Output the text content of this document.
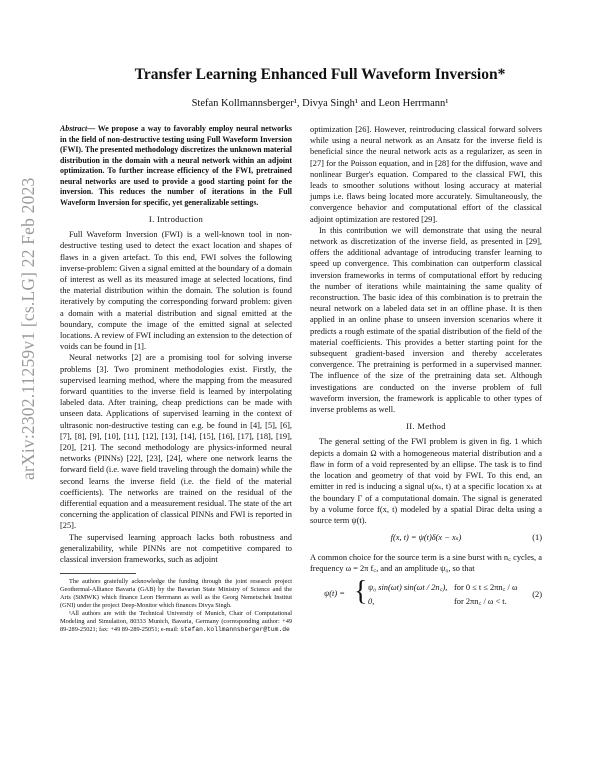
arXiv:2302.11259v1 [cs.LG] 22 Feb 2023
Transfer Learning Enhanced Full Waveform Inversion*
Stefan Kollmannsberger¹, Divya Singh¹ and Leon Herrmann¹

Abstract— We propose a way to favorably employ neural networks in the field of non-destructive testing using Full Waveform Inversion (FWI). The presented methodology discretizes the unknown material distribution in the domain with a neural network within an adjoint optimization. To further increase efficiency of the FWI, pretrained neural networks are used to provide a good starting point for the inversion. This reduces the number of iterations in the Full Waveform Inversion for specific, yet generalizable settings.

I. Introduction

Full Waveform Inversion (FWI) is a well-known tool in non-destructive testing used to detect the exact location and shapes of flaws in a given artefact. To this end, FWI solves the following inverse-problem: Given a signal emitted at the boundary of a domain of interest as well as its measured image at selected locations, find the material distribution within the domain. The solution is found iteratively by computing the corresponding forward problem: given a domain with a material distribution and signal emitted at the boundary, compute the image of the emitted signal at selected locations. A review of FWI including an extension to the detection of voids can be found in [1].

Neural networks [2] are a promising tool for solving inverse problems [3]. Two prominent methodologies exist. Firstly, the supervised learning method, where the mapping from the measured forward quantities to the inverse field is learned by interpolating labeled data. After training, cheap predictions can be made with unseen data. Applications of supervised learning in the context of ultrasonic non-destructive testing can e.g. be found in [4], [5], [6], [7], [8], [9], [10], [11], [12], [13], [14], [15], [16], [17], [18], [19], [20], [21]. The second methodology are physics-informed neural networks (PINNs) [22], [23], [24], where one network learns the forward field (i.e. wave field traveling through the domain) while the second learns the inverse field (i.e. the field of the material coefficients). The networks are trained on the residual of the differential equation and a measurement residual. The state of the art concerning the application of classical PINNs and FWI is reported in [25].

The supervised learning approach lacks both robustness and generalizability, while PINNs are not competitive compared to classical inversion frameworks, such as adjoint

The authors gratefully acknowledge the funding through the joint research project Geothermal-Alliance Bavaria (GAB) by the Bavarian State Ministry of Science and the Arts (StMWK) which finance Leon Herrmann as well as the Georg Nemetschek Institut (GNI) under the project Deep-Monitor which finances Divya Singh.

¹All authors are with the Technical University of Munich, Chair of Computational Modeling and Simulation, 80333 Munich, Bavaria, Germany (corresponding author: +49 89-289-25021; fax: +49 89-289-25051; e-mail: stefan.kollmannsberger@tum.de

optimization [26]. However, reintroducing classical forward solvers while using a neural network as an Ansatz for the inverse field is beneficial since the neural network acts as a regularizer, as seen in [27] for the Poisson equation, and in [28] for the diffusion, wave and nonlinear Burger's equation. Compared to the classical FWI, this leads to smoother solutions without losing accuracy at material jumps i.e. flaws being located more accurately. Simultaneously, the convergence behavior and computational effort of the classical adjoint optimization are restored [29].

In this contribution we will demonstrate that using the neural network as discretization of the inverse field, as presented in [29], offers the additional advantage of introducing transfer learning to speed up convergence. This combination can outperform classical inversion frameworks in terms of computational effort by reducing the number of iterations while maintaining the same quality of reconstruction. The basic idea of this combination is to pretrain the neural network on a labeled data set in an offline phase. It is then applied in an online phase to unseen inversion scenarios where it predicts a rough estimate of the spatial distribution of the field of the material coefficients. This provides a better starting point for the subsequent gradient-based inversion and thereby accelerates convergence. The pretraining is performed in a supervised manner. The influence of the size of the pretraining data set. Although investigations are conducted on the inverse problem of full waveform inversion, the framework is applicable to other types of inverse problems as well.

II. Method

The general setting of the FWI problem is given in fig. 1 which depicts a domain Ω with a homogeneous material distribution and a flaw in form of a void represented by an ellipse. The task is to find the location and geometry of that void by FWI. To this end, an emitter in red is inducing a signal u(xₛ, t) at a specific location xₛ at the boundary Γ of a computational domain. The signal is generated by a volume force f(x, t) modeled by a spatial Dirac delta using a source term ψ(t).

f(x, t) = ψ(t)δ(x − xₛ)	(1)

A common choice for the source term is a sine burst with n꜀ cycles, a frequency ω = 2π f꜀, and an amplitude ψ₀, so that

ψ(t) = { ψ₀ sin(ωt) sin(ωt / 2n꜀), for 0 ≤ t ≤ 2πn꜀ / ω
0,	for 2πn꜀ / ω < t.
(2)
